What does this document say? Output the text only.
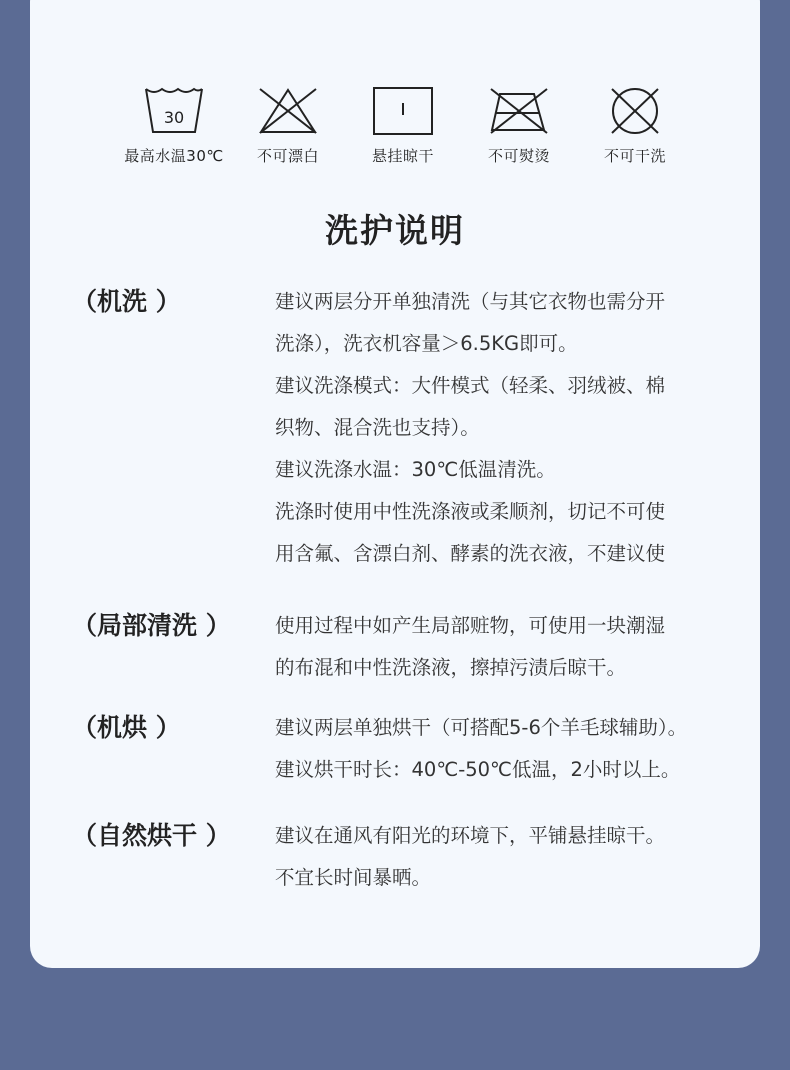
30
最高水温30℃	不可漂白	悬挂晾干	不可熨烫	不可干洗
洗护说明
（机洗 ）	建议两层分开单独清洗（与其它衣物也需分开
洗涤），洗衣机容量＞6.5KG即可。
建议洗涤模式：大件模式（轻柔、羽绒被、棉
织物、混合洗也支持）。
建议洗涤水温：30℃低温清洗。
洗涤时使用中性洗涤液或柔顺剂，切记不可使
用含氟、含漂白剂、酵素的洗衣液，不建议使
（局部清洗 ） 使用过程中如产生局部赃物，可使用一块潮湿
的布混和中性洗涤液，擦掉污渍后晾干。
（机烘 ）	建议两层单独烘干（可搭配5-6个羊毛球辅助）。
建议烘干时长：40℃-50℃低温，2小时以上。
（自然烘干 ） 建议在通风有阳光的环境下，平铺悬挂晾干。
不宜长时间暴晒。
